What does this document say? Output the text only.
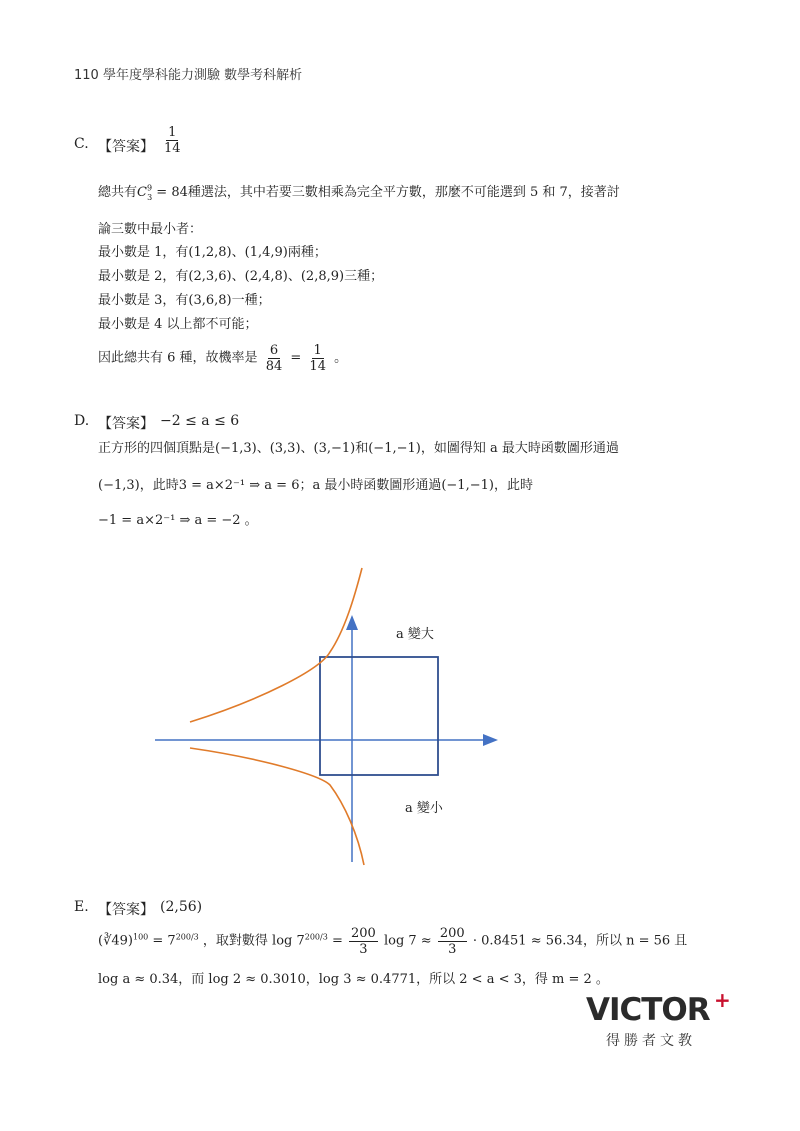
110 學年度學科能力測驗 數學考科解析
C. 【答案】 $\frac{1}{14}$
總共有$C^9_3 = 84$種選法，其中若要三數相乘為完全平方數，那麼不可能選到 5 和 7，接著討
論三數中最小者：
最小數是 1，有(1,2,8)、(1,4,9)兩種；
最小數是 2，有(2,3,6)、(2,4,8)、(2,8,9)三種；
最小數是 3，有(3,6,8)一種；
最小數是 4 以上都不可能；
因此總共有 6 種，故機率是 $\frac{6}{84} = \frac{1}{14}$ 。
D. 【答案】 −2 ≤ a ≤ 6
正方形的四個頂點是(−1,3)、(3,3)、(3,−1)和(−1,−1)，如圖得知 a 最大時函數圖形通過
(−1,3)，此時3 = a×2⁻¹ ⇒ a = 6；a 最小時函數圖形通過(−1,−1)，此時
−1 = a×2⁻¹ ⇒ a = −2 。
a 變大
a 變小
E. 【答案】 (2,56)
(∛49)$^{100}$ = $7^{200/3}$ ，取對數得 $\log 7^{200/3} = \frac{200}{3}$ $\log 7 \approx \frac{200}{3} \cdot 0.8451 \approx 56.34$，所以 n = 56 且
log a ≈ 0.34，而 log 2 ≈ 0.3010，log 3 ≈ 0.4771，所以 2 < a < 3，得 m = 2 。
VICTOR +
得勝者文教
